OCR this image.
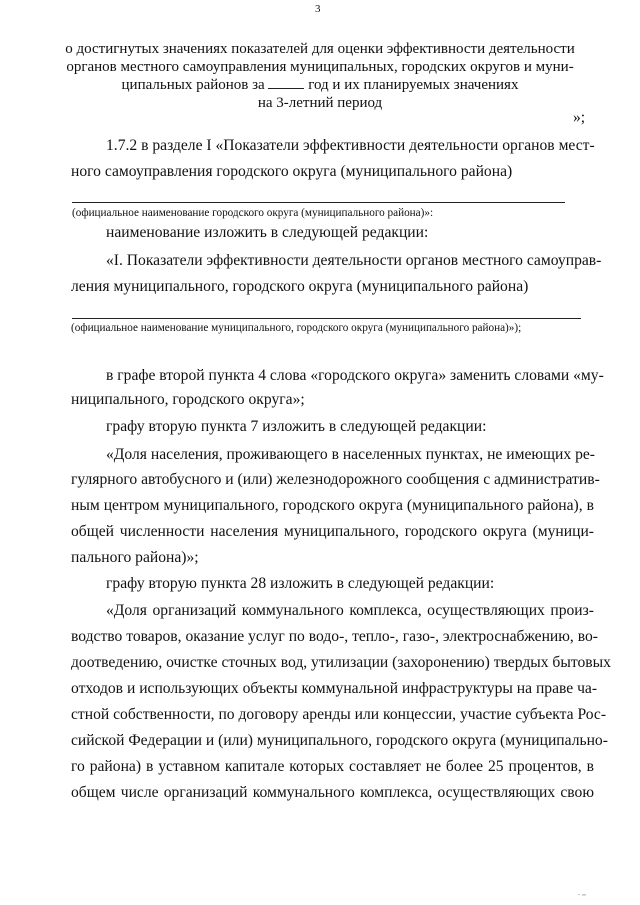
3
о достигнутых значениях показателей для оценки эффективности деятельности
органов местного самоуправления муниципальных, городских округов и муни-
ципальных районов за	год и их планируемых значениях
на 3-летний период
»;
1.7.2 в разделе I «Показатели эффективности деятельности органов мест-
ного самоуправления городского округа (муниципального района)
(официальное наименование городского округа (муниципального района)»:
наименование изложить в следующей редакции:
«I. Показатели эффективности деятельности органов местного самоуправ-
ления муниципального, городского округа (муниципального района)
(официальное наименование муниципального, городского округа (муниципального района)»);
в графе второй пункта 4 слова «городского округа» заменить словами «му-
ниципального, городского округа»;
графу вторую пункта 7 изложить в следующей редакции:
«Доля населения, проживающего в населенных пунктах, не имеющих ре-
гулярного автобусного и (или) железнодорожного сообщения с административ-
ным центром муниципального, городского округа (муниципального района), в
общей численности населения муниципального, городского округа (муници-
пального района)»;
графу вторую пункта 28 изложить в следующей редакции:
«Доля организаций коммунального комплекса, осуществляющих произ-
водство товаров, оказание услуг по водо-, тепло-, газо-, электроснабжению, во-
доотведению, очистке сточных вод, утилизации (захоронению) твердых бытовых
отходов и использующих объекты коммунальной инфраструктуры на праве ча-
стной собственности, по договору аренды или концессии, участие субъекта Рос-
сийской Федерации и (или) муниципального, городского округа (муниципально-
го района) в уставном капитале которых составляет не более 25 процентов, в
общем числе организаций коммунального комплекса, осуществляющих свою
. ,,
